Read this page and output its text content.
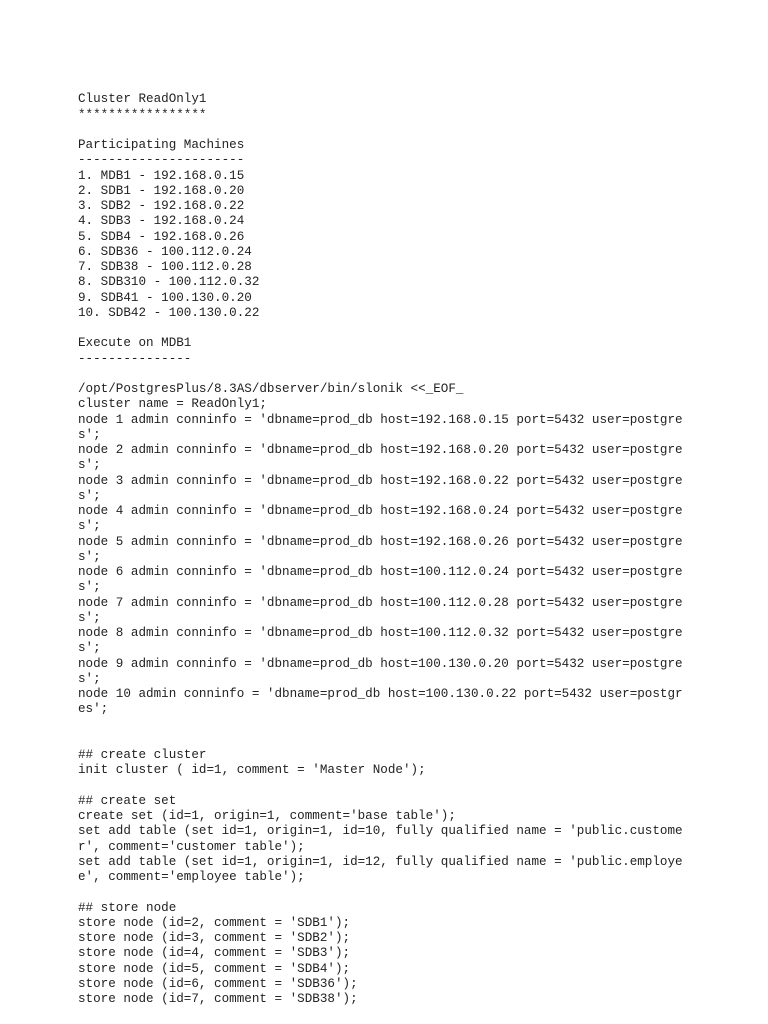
Cluster ReadOnly1
*****************
Participating Machines
----------------------
1. MDB1 - 192.168.0.15
2. SDB1 - 192.168.0.20
3. SDB2 - 192.168.0.22
4. SDB3 - 192.168.0.24
5. SDB4 - 192.168.0.26
6. SDB36 - 100.112.0.24
7. SDB38 - 100.112.0.28
8. SDB310 - 100.112.0.32
9. SDB41 - 100.130.0.20
10. SDB42 - 100.130.0.22
Execute on MDB1
---------------
/opt/PostgresPlus/8.3AS/dbserver/bin/slonik <<_EOF_
cluster name = ReadOnly1;
node 1 admin conninfo = 'dbname=prod_db host=192.168.0.15 port=5432 user=postgre
s';
node 2 admin conninfo = 'dbname=prod_db host=192.168.0.20 port=5432 user=postgre
s';
node 3 admin conninfo = 'dbname=prod_db host=192.168.0.22 port=5432 user=postgre
s';
node 4 admin conninfo = 'dbname=prod_db host=192.168.0.24 port=5432 user=postgre
s';
node 5 admin conninfo = 'dbname=prod_db host=192.168.0.26 port=5432 user=postgre
s';
node 6 admin conninfo = 'dbname=prod_db host=100.112.0.24 port=5432 user=postgre
s';
node 7 admin conninfo = 'dbname=prod_db host=100.112.0.28 port=5432 user=postgre
s';
node 8 admin conninfo = 'dbname=prod_db host=100.112.0.32 port=5432 user=postgre
s';
node 9 admin conninfo = 'dbname=prod_db host=100.130.0.20 port=5432 user=postgre
s';
node 10 admin conninfo = 'dbname=prod_db host=100.130.0.22 port=5432 user=postgr
es';
## create cluster
init cluster ( id=1, comment = 'Master Node');
## create set
create set (id=1, origin=1, comment='base table');
set add table (set id=1, origin=1, id=10, fully qualified name = 'public.custome
r', comment='customer table');
set add table (set id=1, origin=1, id=12, fully qualified name = 'public.employe
e', comment='employee table');
## store node
store node (id=2, comment = 'SDB1');
store node (id=3, comment = 'SDB2');
store node (id=4, comment = 'SDB3');
store node (id=5, comment = 'SDB4');
store node (id=6, comment = 'SDB36');
store node (id=7, comment = 'SDB38');
